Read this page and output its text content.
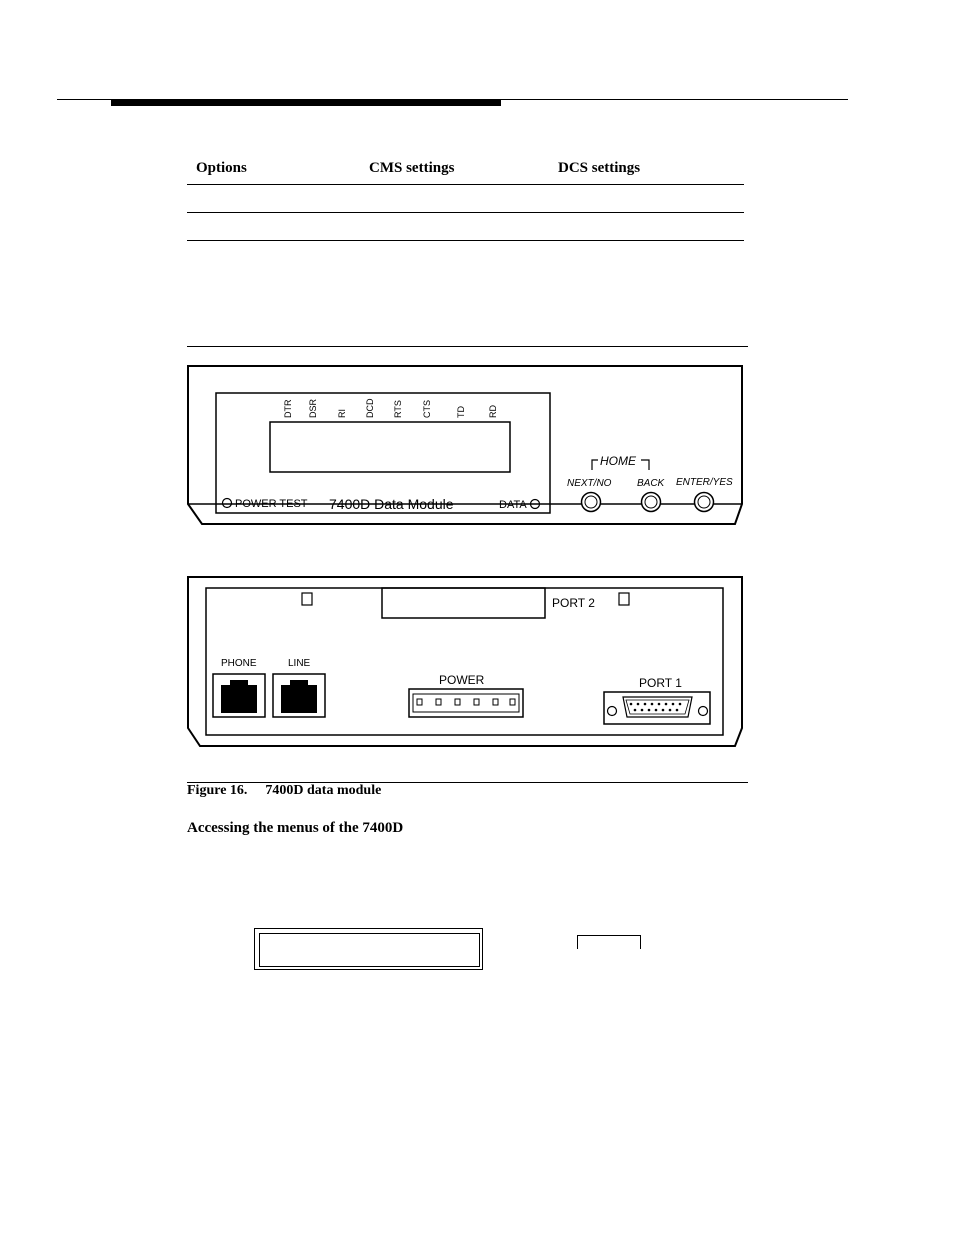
Options	CMS settings	DCS settings
DTR DSR RI DCD RTS CTS	TD RD
POWER TEST 7400D Data Module	DATA
HOME
NEXT/NO	BACK ENTER/YES
PORT 2
PHONE	LINE
POWER	PORT 1
Figure 16. 7400D data module
Accessing the menus of the 7400D
